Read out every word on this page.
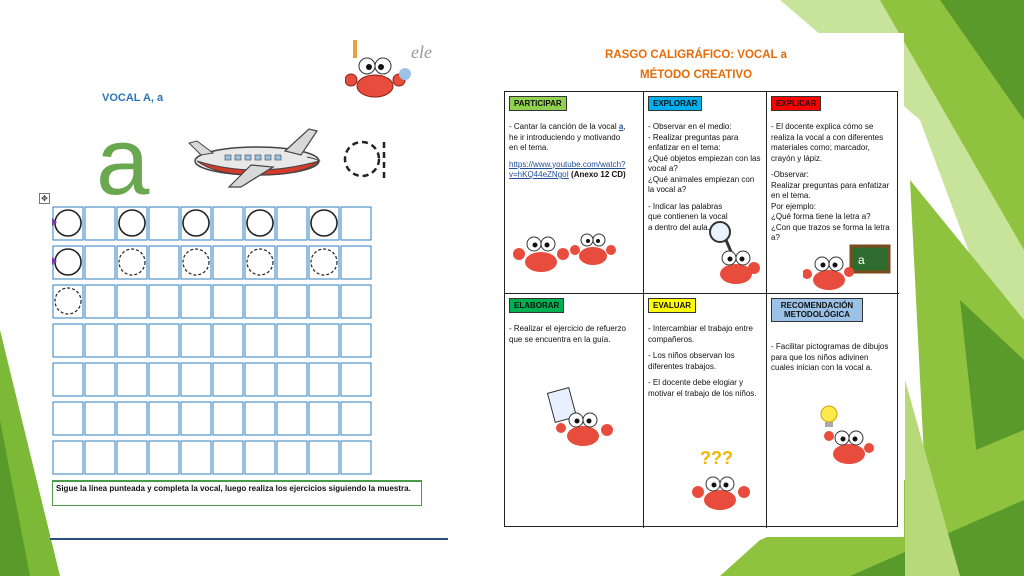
VOCAL A, a
a
ele
✥
Sigue la línea punteada y completa la vocal, luego realiza los ejercicios siguiendo la muestra.
RASGO CALIGRÁFICO: VOCAL a
MÉTODO CREATIVO
PARTICIPAR

- Cantar la canción de la vocal a, he ir introduciendo y motivando en el tema.

https://www.youtube.com/watch?v=hKQ44eZNgoI (Anexo 12 CD)

EXPLORAR

- Observar en el medio:

- Realizar preguntas para enfatizar en el tema:

¿Qué objetos empiezan con las vocal a?

¿Qué animales empiezan con la vocal a?

- Indicar las palabras que contienen la vocal a dentro del aula.

EXPLICAR

- El docente explica cómo se realiza la vocal a con diferentes materiales como; marcador, crayón y lápiz.

-Observar:

Realizar preguntas para enfatizar en el tema.

Por ejemplo:

¿Qué forma tiene la letra a?

¿Con que trazos se forma la letra a?

a
ELABORAR

- Realizar el ejercicio de refuerzo que se encuentra en la guía.

EVALUAR

- Intercambiar el trabajo entre compañeros.

- Los niños observan los diferentes trabajos.

- El docente debe elogiar y motivar el trabajo de los niños.

???
RECOMENDACIÓN METODOLÓGICA

- Facilitar pictogramas de dibujos para que los niños adivinen cuales inician con la vocal a.
